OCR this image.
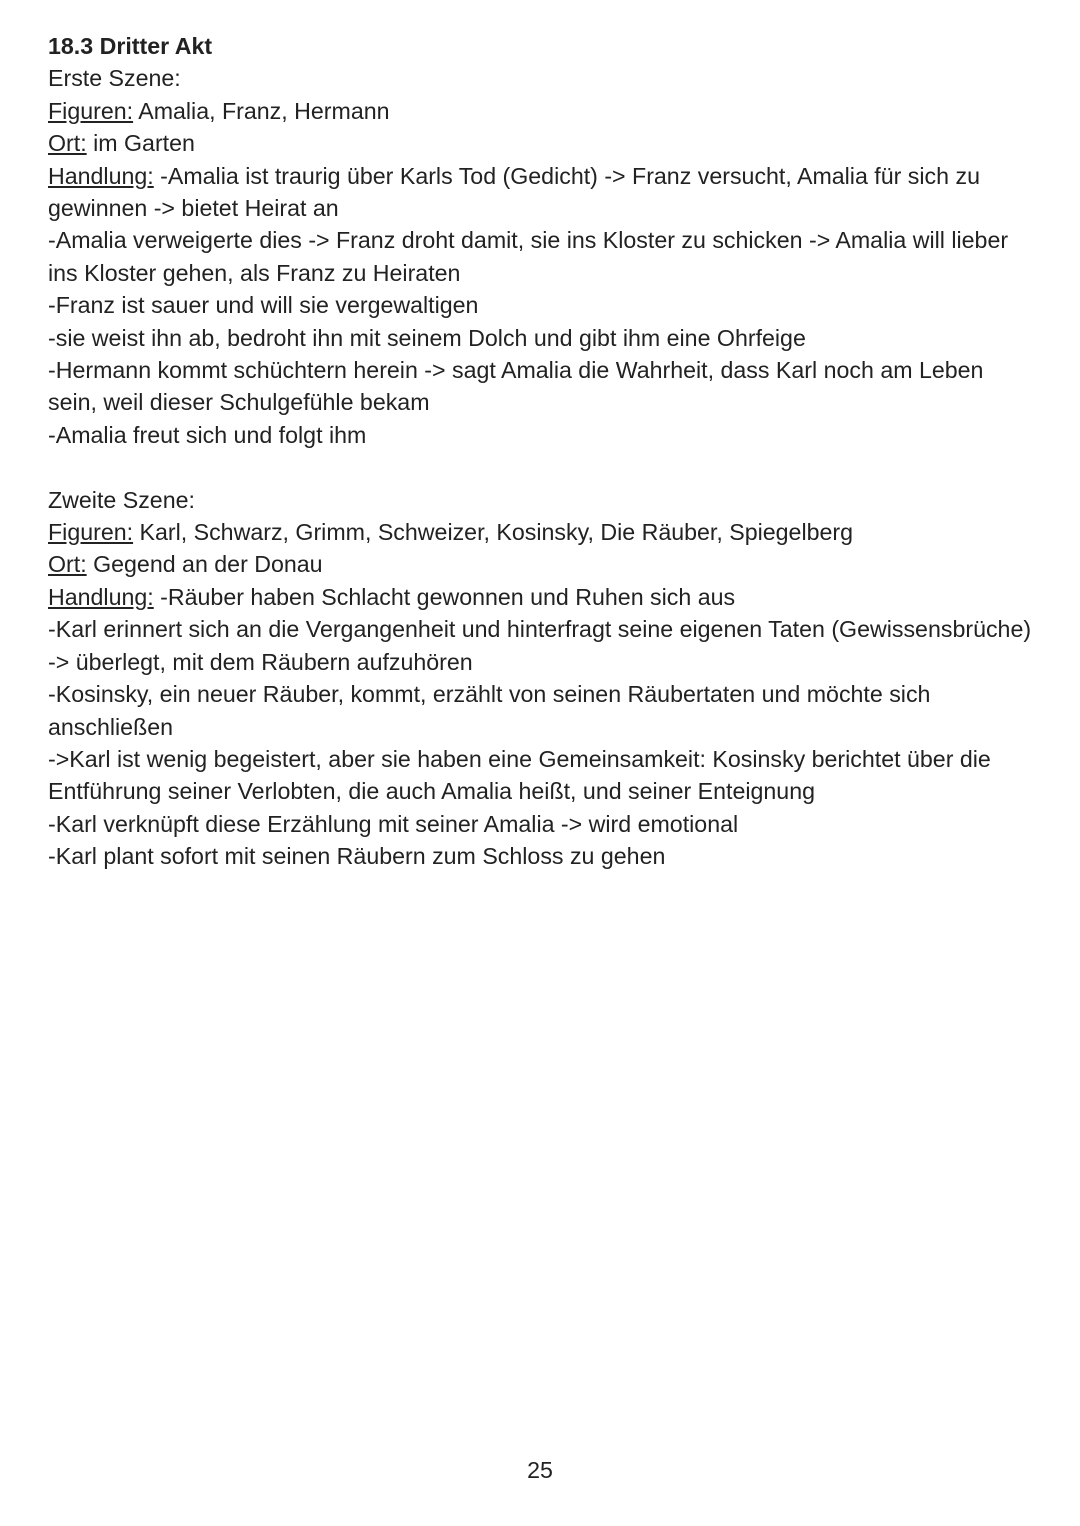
18.3 Dritter Akt

Erste Szene:

Figuren: Amalia, Franz, Hermann

Ort: im Garten

Handlung: -Amalia ist traurig über Karls Tod (Gedicht) -> Franz versucht, Amalia für sich zu gewinnen -> bietet Heirat an

-Amalia verweigerte dies -> Franz droht damit, sie ins Kloster zu schicken -> Amalia will lieber ins Kloster gehen, als Franz zu Heiraten

-Franz ist sauer und will sie vergewaltigen

-sie weist ihn ab, bedroht ihn mit seinem Dolch und gibt ihm eine Ohrfeige

-Hermann kommt schüchtern herein -> sagt Amalia die Wahrheit, dass Karl noch am Leben sein, weil dieser Schulgefühle bekam

-Amalia freut sich und folgt ihm

Zweite Szene:

Figuren: Karl, Schwarz, Grimm, Schweizer, Kosinsky, Die Räuber, Spiegelberg

Ort: Gegend an der Donau

Handlung: -Räuber haben Schlacht gewonnen und Ruhen sich aus

-Karl erinnert sich an die Vergangenheit und hinterfragt seine eigenen Taten (Gewissensbrüche) -> überlegt, mit dem Räubern aufzuhören

-Kosinsky, ein neuer Räuber, kommt, erzählt von seinen Räubertaten und möchte sich anschließen

->Karl ist wenig begeistert, aber sie haben eine Gemeinsamkeit: Kosinsky berichtet über die Entführung seiner Verlobten, die auch Amalia heißt, und seiner Enteignung

-Karl verknüpft diese Erzählung mit seiner Amalia -> wird emotional

-Karl plant sofort mit seinen Räubern zum Schloss zu gehen

25
